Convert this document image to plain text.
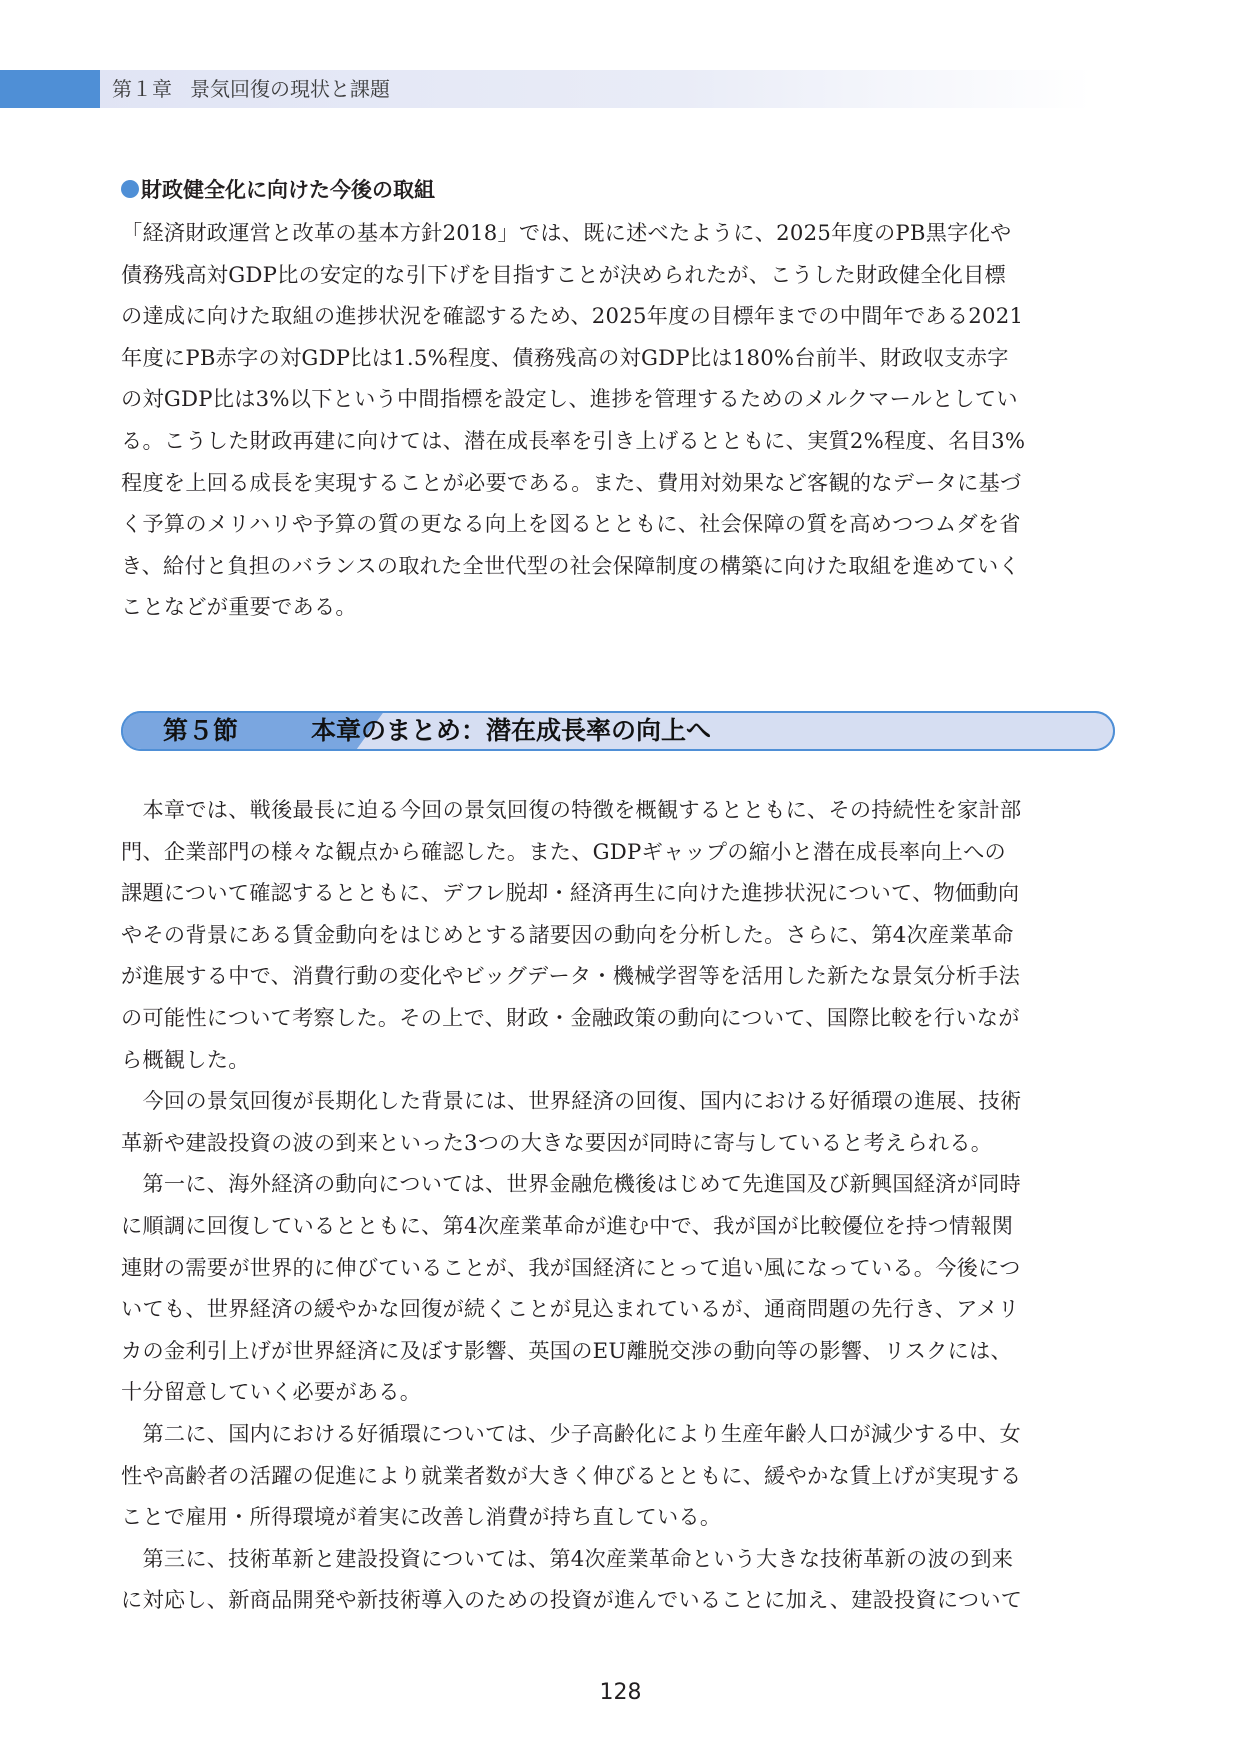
第１章 景気回復の現状と課題
財政健全化に向けた今後の取組
「経済財政運営と改革の基本方針2018」では、既に述べたように、2025年度のPB黒字化や
債務残高対GDP比の安定的な引下げを目指すことが決められたが、こうした財政健全化目標
の達成に向けた取組の進捗状況を確認するため、2025年度の目標年までの中間年である2021
年度にPB赤字の対GDP比は1.5%程度、債務残高の対GDP比は180%台前半、財政収支赤字
の対GDP比は3%以下という中間指標を設定し、進捗を管理するためのメルクマールとしてい
る。こうした財政再建に向けては、潜在成長率を引き上げるとともに、実質2%程度、名目3%
程度を上回る成長を実現することが必要である。また、費用対効果など客観的なデータに基づ
く予算のメリハリや予算の質の更なる向上を図るとともに、社会保障の質を高めつつムダを省
き、給付と負担のバランスの取れた全世代型の社会保障制度の構築に向けた取組を進めていく
ことなどが重要である。
第５節	本章のまとめ：潜在成長率の向上へ
　本章では、戦後最長に迫る今回の景気回復の特徴を概観するとともに、その持続性を家計部
門、企業部門の様々な観点から確認した。また、GDPギャップの縮小と潜在成長率向上への
課題について確認するとともに、デフレ脱却・経済再生に向けた進捗状況について、物価動向
やその背景にある賃金動向をはじめとする諸要因の動向を分析した。さらに、第4次産業革命
が進展する中で、消費行動の変化やビッグデータ・機械学習等を活用した新たな景気分析手法
の可能性について考察した。その上で、財政・金融政策の動向について、国際比較を行いなが
ら概観した。
　今回の景気回復が長期化した背景には、世界経済の回復、国内における好循環の進展、技術
革新や建設投資の波の到来といった3つの大きな要因が同時に寄与していると考えられる。
　第一に、海外経済の動向については、世界金融危機後はじめて先進国及び新興国経済が同時
に順調に回復しているとともに、第4次産業革命が進む中で、我が国が比較優位を持つ情報関
連財の需要が世界的に伸びていることが、我が国経済にとって追い風になっている。今後につ
いても、世界経済の緩やかな回復が続くことが見込まれているが、通商問題の先行き、アメリ
カの金利引上げが世界経済に及ぼす影響、英国のEU離脱交渉の動向等の影響、リスクには、
十分留意していく必要がある。
　第二に、国内における好循環については、少子高齢化により生産年齢人口が減少する中、女
性や高齢者の活躍の促進により就業者数が大きく伸びるとともに、緩やかな賃上げが実現する
ことで雇用・所得環境が着実に改善し消費が持ち直している。
　第三に、技術革新と建設投資については、第4次産業革命という大きな技術革新の波の到来
に対応し、新商品開発や新技術導入のための投資が進んでいることに加え、建設投資について
128
